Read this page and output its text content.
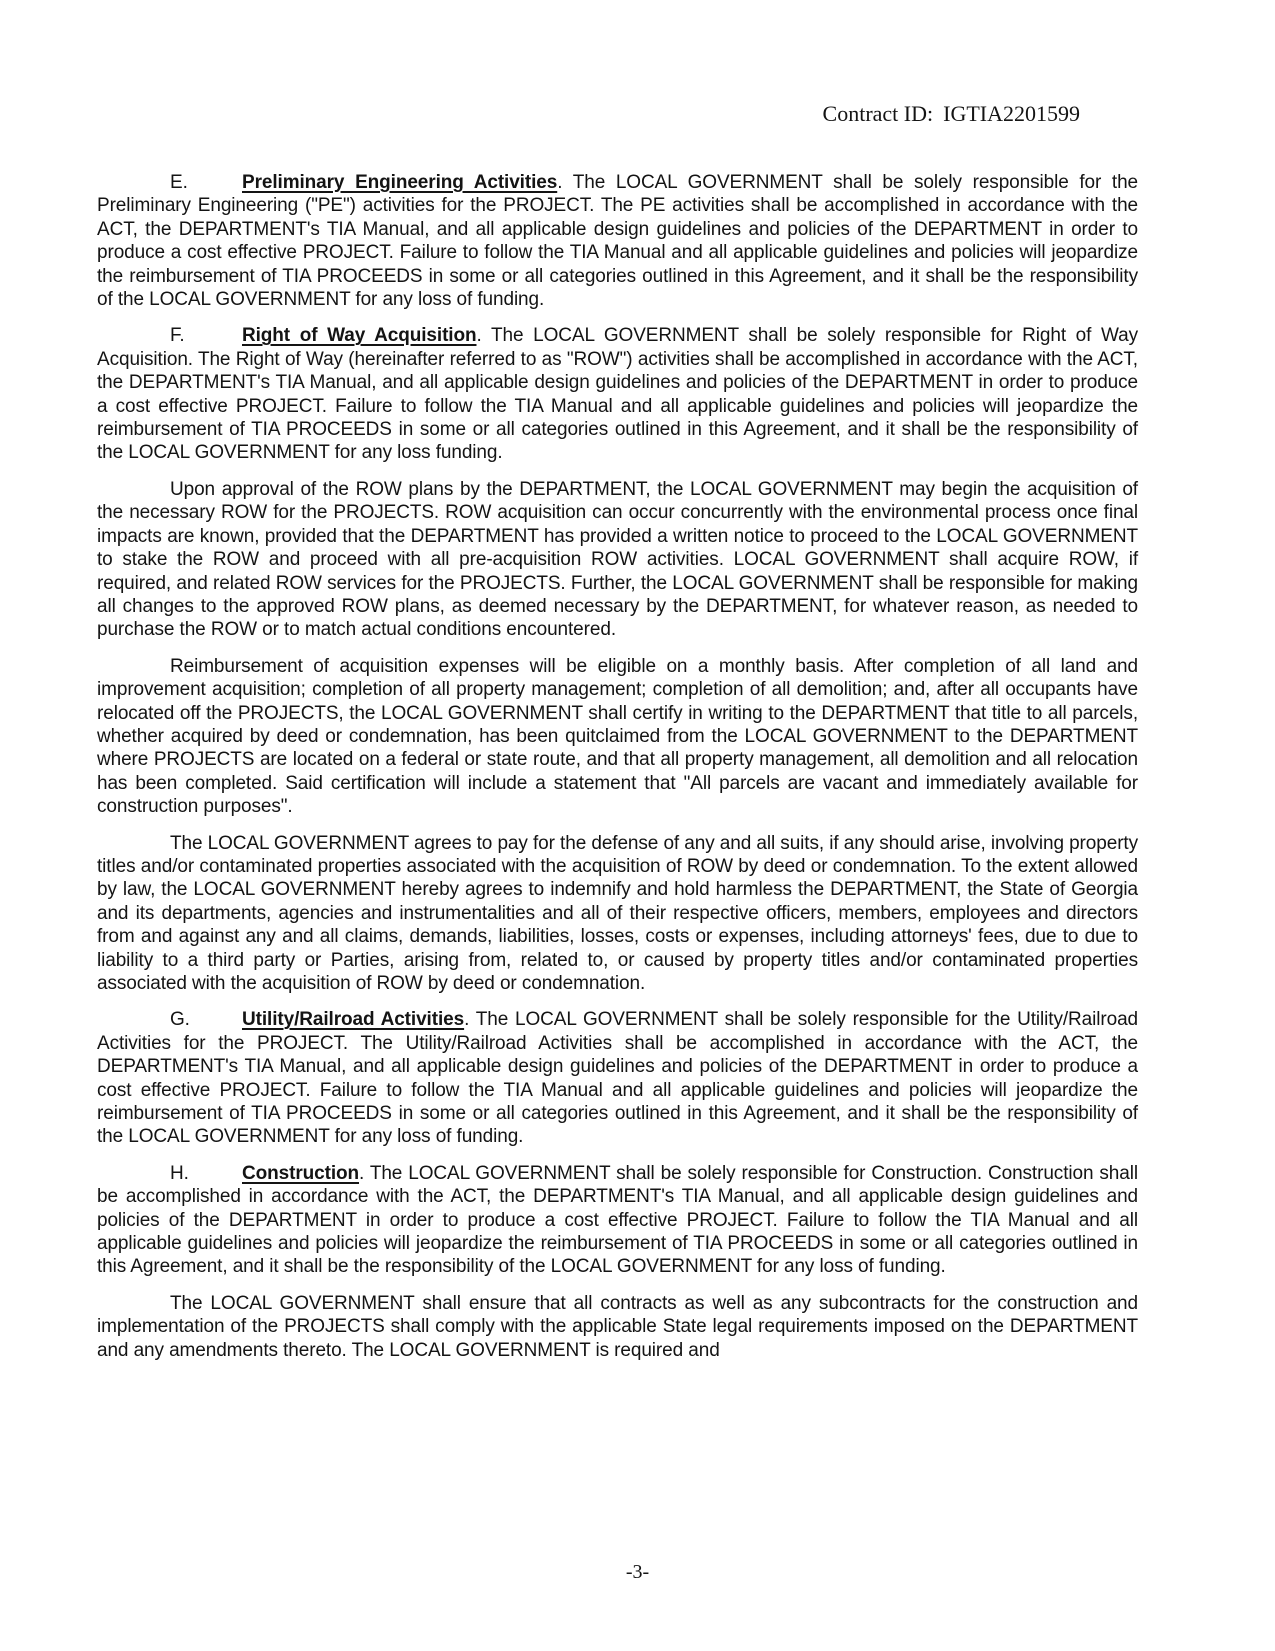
Contract ID: IGTIA2201599

E.	Preliminary Engineering Activities. The LOCAL GOVERNMENT shall be solely responsible for the Preliminary Engineering ("PE") activities for the PROJECT. The PE activities shall be accomplished in accordance with the ACT, the DEPARTMENT's TIA Manual, and all applicable design guidelines and policies of the DEPARTMENT in order to produce a cost effective PROJECT. Failure to follow the TIA Manual and all applicable guidelines and policies will jeopardize the reimbursement of TIA PROCEEDS in some or all categories outlined in this Agreement, and it shall be the responsibility of the LOCAL GOVERNMENT for any loss of funding.

F.	Right of Way Acquisition. The LOCAL GOVERNMENT shall be solely responsible for Right of Way Acquisition. The Right of Way (hereinafter referred to as "ROW") activities shall be accomplished in accordance with the ACT, the DEPARTMENT's TIA Manual, and all applicable design guidelines and policies of the DEPARTMENT in order to produce a cost effective PROJECT. Failure to follow the TIA Manual and all applicable guidelines and policies will jeopardize the reimbursement of TIA PROCEEDS in some or all categories outlined in this Agreement, and it shall be the responsibility of the LOCAL GOVERNMENT for any loss funding.

Upon approval of the ROW plans by the DEPARTMENT, the LOCAL GOVERNMENT may begin the acquisition of the necessary ROW for the PROJECTS. ROW acquisition can occur concurrently with the environmental process once final impacts are known, provided that the DEPARTMENT has provided a written notice to proceed to the LOCAL GOVERNMENT to stake the ROW and proceed with all pre-acquisition ROW activities. LOCAL GOVERNMENT shall acquire ROW, if required, and related ROW services for the PROJECTS. Further, the LOCAL GOVERNMENT shall be responsible for making all changes to the approved ROW plans, as deemed necessary by the DEPARTMENT, for whatever reason, as needed to purchase the ROW or to match actual conditions encountered.

Reimbursement of acquisition expenses will be eligible on a monthly basis. After completion of all land and improvement acquisition; completion of all property management; completion of all demolition; and, after all occupants have relocated off the PROJECTS, the LOCAL GOVERNMENT shall certify in writing to the DEPARTMENT that title to all parcels, whether acquired by deed or condemnation, has been quitclaimed from the LOCAL GOVERNMENT to the DEPARTMENT where PROJECTS are located on a federal or state route, and that all property management, all demolition and all relocation has been completed. Said certification will include a statement that "All parcels are vacant and immediately available for construction purposes".

The LOCAL GOVERNMENT agrees to pay for the defense of any and all suits, if any should arise, involving property titles and/or contaminated properties associated with the acquisition of ROW by deed or condemnation. To the extent allowed by law, the LOCAL GOVERNMENT hereby agrees to indemnify and hold harmless the DEPARTMENT, the State of Georgia and its departments, agencies and instrumentalities and all of their respective officers, members, employees and directors from and against any and all claims, demands, liabilities, losses, costs or expenses, including attorneys' fees, due to due to liability to a third party or Parties, arising from, related to, or caused by property titles and/or contaminated properties associated with the acquisition of ROW by deed or condemnation.

G.	Utility/Railroad Activities. The LOCAL GOVERNMENT shall be solely responsible for the Utility/Railroad Activities for the PROJECT. The Utility/Railroad Activities shall be accomplished in accordance with the ACT, the DEPARTMENT's TIA Manual, and all applicable design guidelines and policies of the DEPARTMENT in order to produce a cost effective PROJECT. Failure to follow the TIA Manual and all applicable guidelines and policies will jeopardize the reimbursement of TIA PROCEEDS in some or all categories outlined in this Agreement, and it shall be the responsibility of the LOCAL GOVERNMENT for any loss of funding.

H.	Construction. The LOCAL GOVERNMENT shall be solely responsible for Construction. Construction shall be accomplished in accordance with the ACT, the DEPARTMENT's TIA Manual, and all applicable design guidelines and policies of the DEPARTMENT in order to produce a cost effective PROJECT. Failure to follow the TIA Manual and all applicable guidelines and policies will jeopardize the reimbursement of TIA PROCEEDS in some or all categories outlined in this Agreement, and it shall be the responsibility of the LOCAL GOVERNMENT for any loss of funding.

The LOCAL GOVERNMENT shall ensure that all contracts as well as any subcontracts for the construction and implementation of the PROJECTS shall comply with the applicable State legal requirements imposed on the DEPARTMENT and any amendments thereto. The LOCAL GOVERNMENT is required and

-3-
